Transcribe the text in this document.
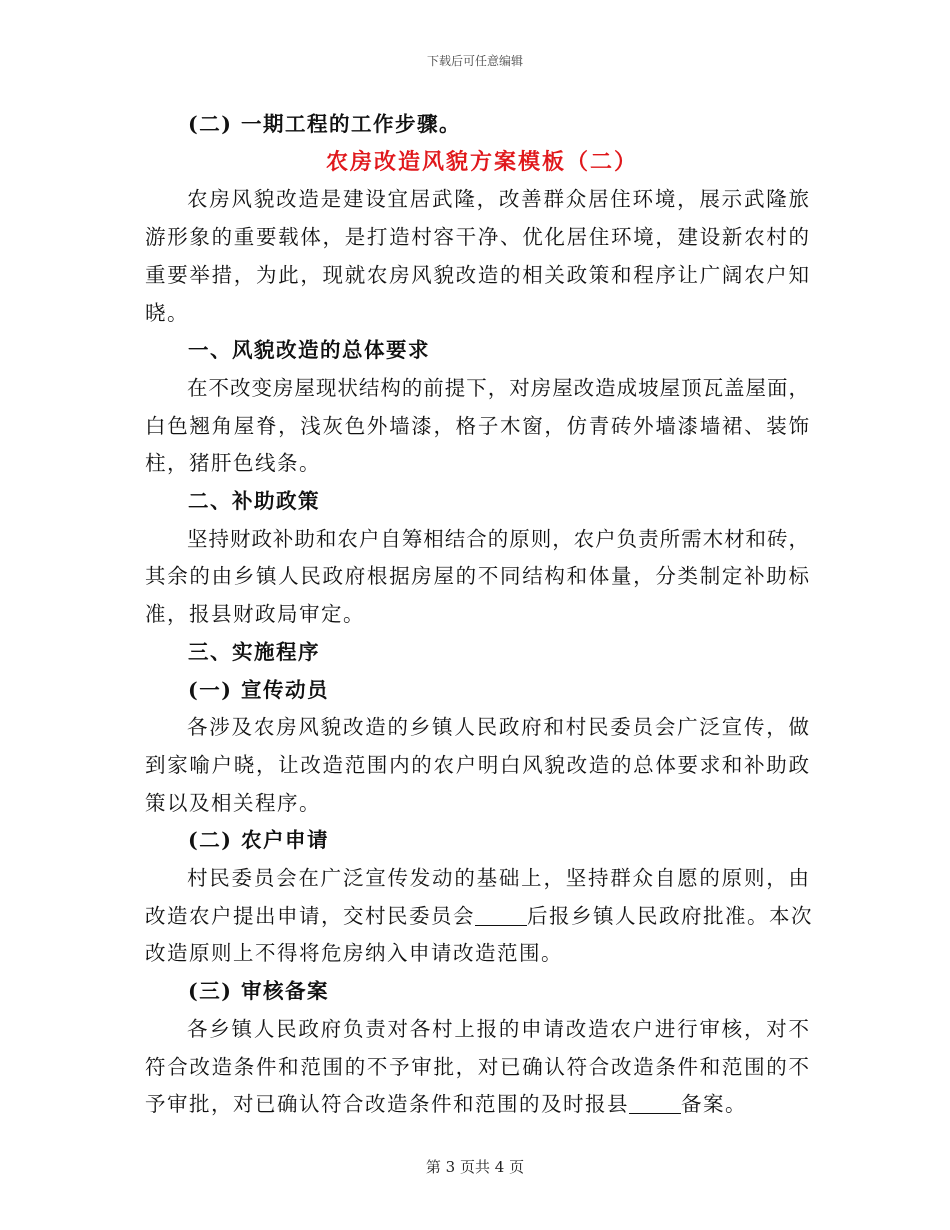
下载后可任意编辑
(二) 一期工程的工作步骤。
农房改造风貌方案模板（二）
农房风貌改造是建设宜居武隆，改善群众居住环境，展示武隆旅
游形象的重要载体，是打造村容干净、优化居住环境，建设新农村的
重要举措，为此，现就农房风貌改造的相关政策和程序让广阔农户知
晓。
一、风貌改造的总体要求
在不改变房屋现状结构的前提下，对房屋改造成坡屋顶瓦盖屋面，
白色翘角屋脊，浅灰色外墙漆，格子木窗，仿青砖外墙漆墙裙、装饰
柱，猪肝色线条。
二、补助政策
坚持财政补助和农户自筹相结合的原则，农户负责所需木材和砖，
其余的由乡镇人民政府根据房屋的不同结构和体量，分类制定补助标
准，报县财政局审定。
三、实施程序
(一) 宣传动员
各涉及农房风貌改造的乡镇人民政府和村民委员会广泛宣传，做
到家喻户晓，让改造范围内的农户明白风貌改造的总体要求和补助政
策以及相关程序。
(二) 农户申请
村民委员会在广泛宣传发动的基础上，坚持群众自愿的原则，由
改造农户提出申请，交村民委员会	后报乡镇人民政府批准。本次
改造原则上不得将危房纳入申请改造范围。
(三) 审核备案
各乡镇人民政府负责对各村上报的申请改造农户进行审核，对不
符合改造条件和范围的不予审批，对已确认符合改造条件和范围的不
予审批，对已确认符合改造条件和范围的及时报县	备案。
第 3 页共 4 页
